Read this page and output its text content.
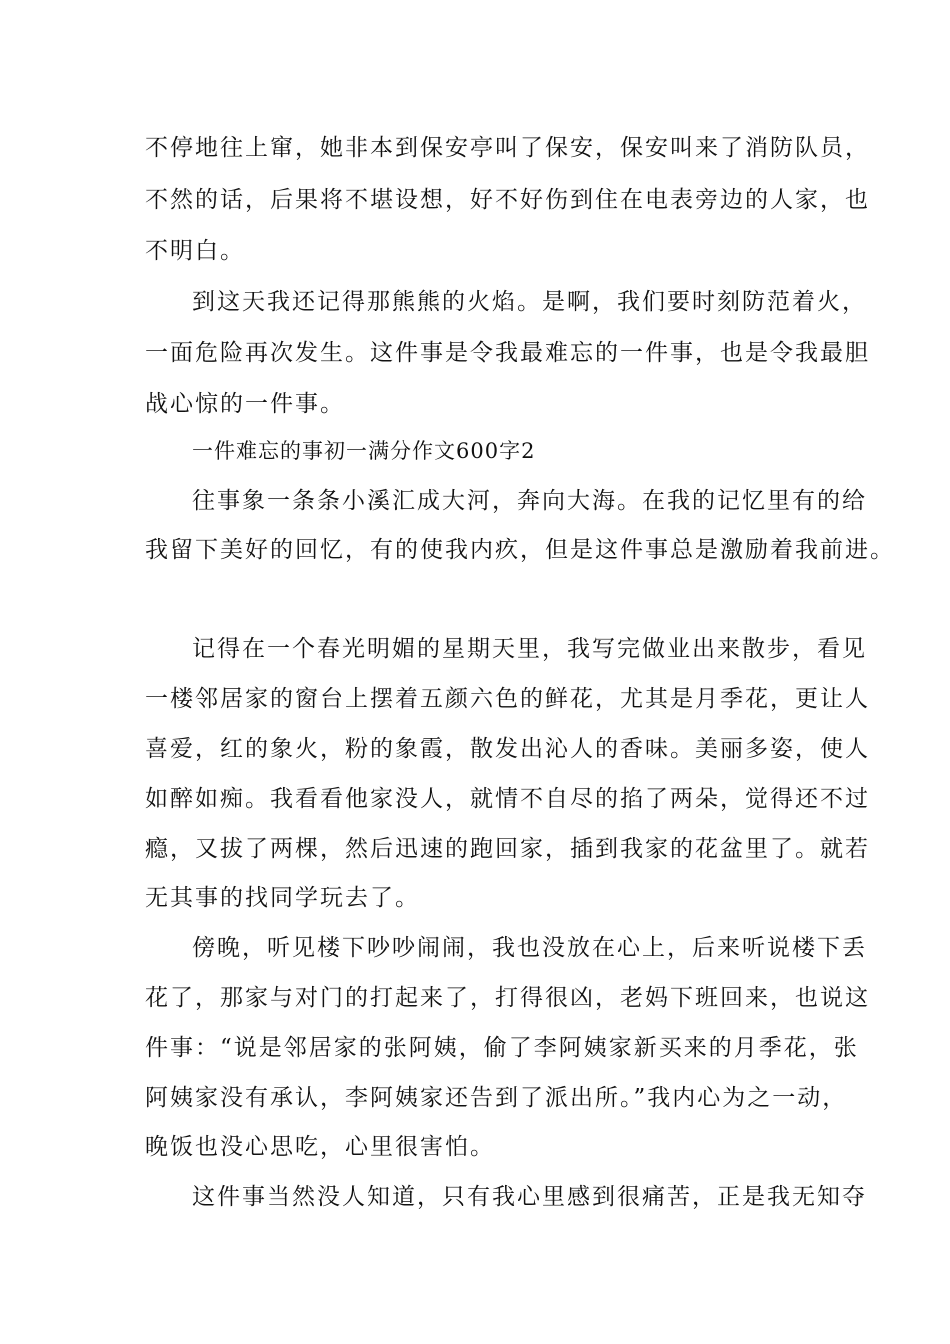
不停地往上窜，她非本到保安亭叫了保安，保安叫来了消防队员，
不然的话，后果将不堪设想，好不好伤到住在电表旁边的人家，也
不明白。
到这天我还记得那熊熊的火焰。是啊，我们要时刻防范着火，
一面危险再次发生。这件事是令我最难忘的一件事，也是令我最胆
战心惊的一件事。
一件难忘的事初一满分作文600字2
往事象一条条小溪汇成大河，奔向大海。在我的记忆里有的给
我留下美好的回忆，有的使我内疚，但是这件事总是激励着我前进。
记得在一个春光明媚的星期天里，我写完做业出来散步，看见
一楼邻居家的窗台上摆着五颜六色的鲜花，尤其是月季花，更让人
喜爱，红的象火，粉的象霞，散发出沁人的香味。美丽多姿，使人
如醉如痴。我看看他家没人，就情不自尽的掐了两朵，觉得还不过
瘾，又拔了两棵，然后迅速的跑回家，插到我家的花盆里了。就若
无其事的找同学玩去了。
傍晚，听见楼下吵吵闹闹，我也没放在心上，后来听说楼下丢
花了，那家与对门的打起来了，打得很凶，老妈下班回来，也说这
件事：“说是邻居家的张阿姨，偷了李阿姨家新买来的月季花，张
阿姨家没有承认，李阿姨家还告到了派出所。”我内心为之一动，
晚饭也没心思吃，心里很害怕。
这件事当然没人知道，只有我心里感到很痛苦，正是我无知夺
